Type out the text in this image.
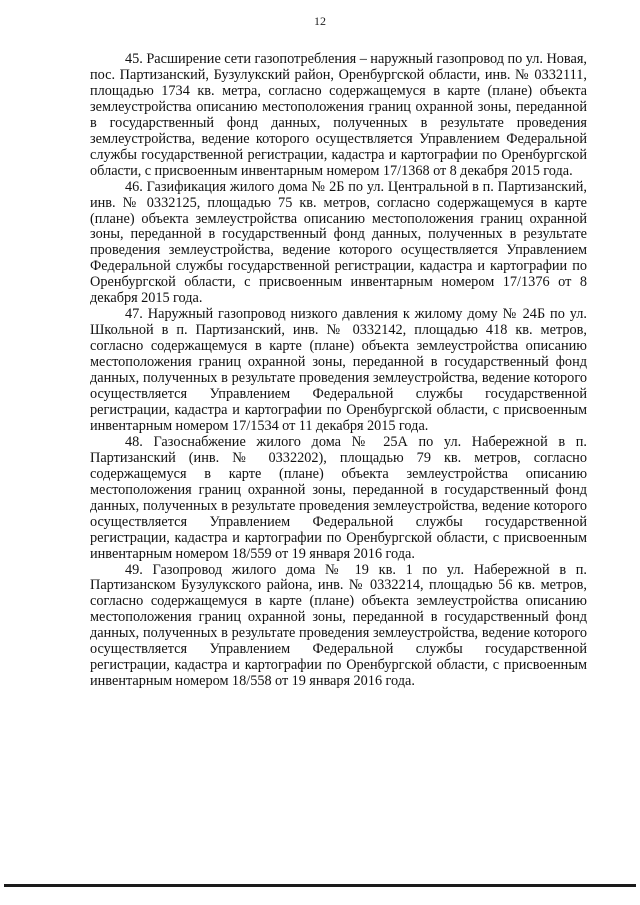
12

45. Расширение сети газопотребления – наружный газопровод по ул. Новая, пос. Партизанский, Бузулукский район, Оренбургской области, инв. № 0332111, площадью 1734 кв. метра, согласно содержащемуся в карте (плане) объекта землеустройства описанию местоположения границ охранной зоны, переданной в государственный фонд данных, полученных в результате проведения землеустройства, ведение которого осуществляется Управлением Федеральной службы государственной регистрации, кадастра и картографии по Оренбургской области, с присвоенным инвентарным номером 17/1368 от 8 декабря 2015 года.

46. Газификация жилого дома № 2Б по ул. Центральной в п. Партизанский, инв. № 0332125, площадью 75 кв. метров, согласно содержащемуся в карте (плане) объекта землеустройства описанию местоположения границ охранной зоны, переданной в государственный фонд данных, полученных в результате проведения землеустройства, ведение которого осуществляется Управлением Федеральной службы государственной регистрации, кадастра и картографии по Оренбургской области, с присвоенным инвентарным номером 17/1376 от 8 декабря 2015 года.

47. Наружный газопровод низкого давления к жилому дому № 24Б по ул. Школьной в п. Партизанский, инв. № 0332142, площадью 418 кв. метров, согласно содержащемуся в карте (плане) объекта землеустройства описанию местоположения границ охранной зоны, переданной в государственный фонд данных, полученных в результате проведения землеустройства, ведение которого осуществляется Управлением Федеральной службы государственной регистрации, кадастра и картографии по Оренбургской области, с присвоенным инвентарным номером 17/1534 от 11 декабря 2015 года.

48. Газоснабжение жилого дома № 25А по ул. Набережной в п. Партизанский (инв. № 0332202), площадью 79 кв. метров, согласно содержащемуся в карте (плане) объекта землеустройства описанию местоположения границ охранной зоны, переданной в государственный фонд данных, полученных в результате проведения землеустройства, ведение которого осуществляется Управлением Федеральной службы государственной регистрации, кадастра и картографии по Оренбургской области, с присвоенным инвентарным номером 18/559 от 19 января 2016 года.

49. Газопровод жилого дома № 19 кв. 1 по ул. Набережной в п. Партизанском Бузулукского района, инв. № 0332214, площадью 56 кв. метров, согласно содержащемуся в карте (плане) объекта землеустройства описанию местоположения границ охранной зоны, переданной в государственный фонд данных, полученных в результате проведения землеустройства, ведение которого осуществляется Управлением Федеральной службы государственной регистрации, кадастра и картографии по Оренбургской области, с присвоенным инвентарным номером 18/558 от 19 января 2016 года.
